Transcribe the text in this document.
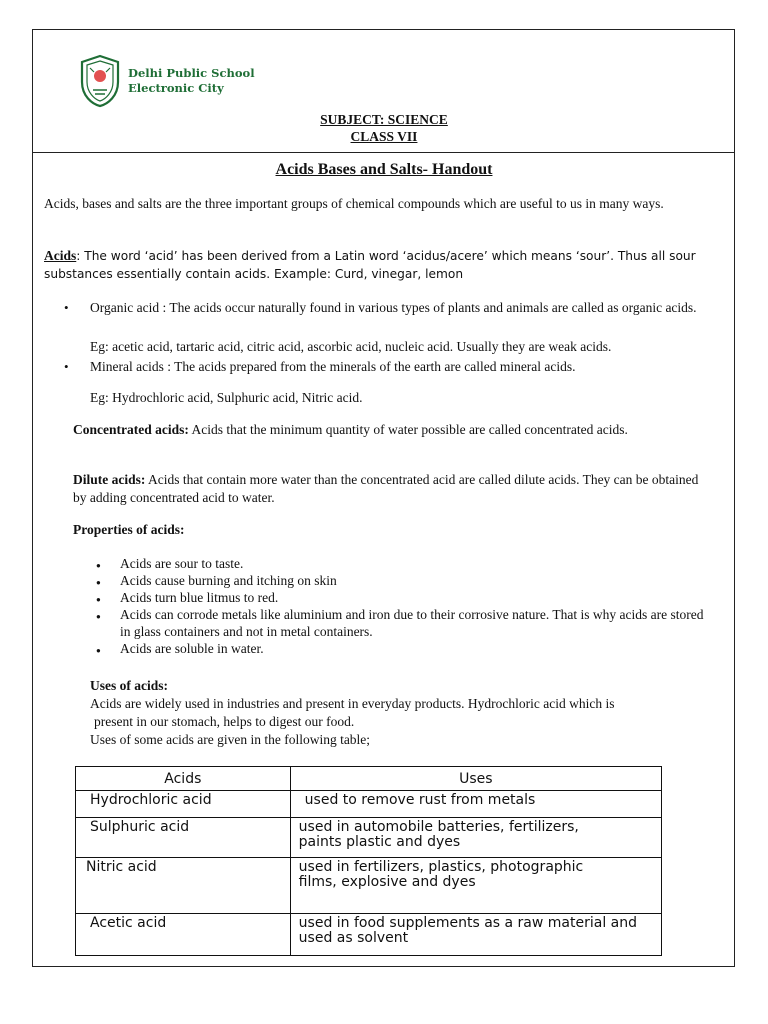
Delhi Public School
Electronic City
SUBJECT: SCIENCE
CLASS VII
Acids Bases and Salts- Handout

Acids, bases and salts are the three important groups of chemical compounds which are useful to us in many ways.

Acids: The word ‘acid’ has been derived from a Latin word ‘acidus/acere’ which means ‘sour’. Thus all sour substances essentially contain acids. Example: Curd, vinegar, lemon

• Organic acid : The acids occur naturally found in various types of plants and animals are called as organic acids.

Eg: acetic acid, tartaric acid, citric acid, ascorbic acid, nucleic acid. Usually they are weak acids.

• Mineral acids : The acids prepared from the minerals of the earth are called mineral acids.

Eg: Hydrochloric acid, Sulphuric acid, Nitric acid.

Concentrated acids: Acids that the minimum quantity of water possible are called concentrated acids.

Dilute acids: Acids that contain more water than the concentrated acid are called dilute acids. They can be obtained by adding concentrated acid to water.

Properties of acids:

● Acids are sour to taste.

● Acids cause burning and itching on skin

● Acids turn blue litmus to red.

● Acids can corrode metals like aluminium and iron due to their corrosive nature. That is why acids are stored in glass containers and not in metal containers.

● Acids are soluble in water.

Uses of acids:

Acids are widely used in industries and present in everyday products. Hydrochloric acid which is

present in our stomach, helps to digest our food.

Uses of some acids are given in the following table;

Acids	Uses

Hydrochloric acid	used to remove rust from metals

Sulphuric acid	used in automobile batteries, fertilizers, paints plastic and dyes

Nitric acid	used in fertilizers, plastics, photographic films, explosive and dyes

Acetic acid	used in food supplements as a raw material and used as solvent
